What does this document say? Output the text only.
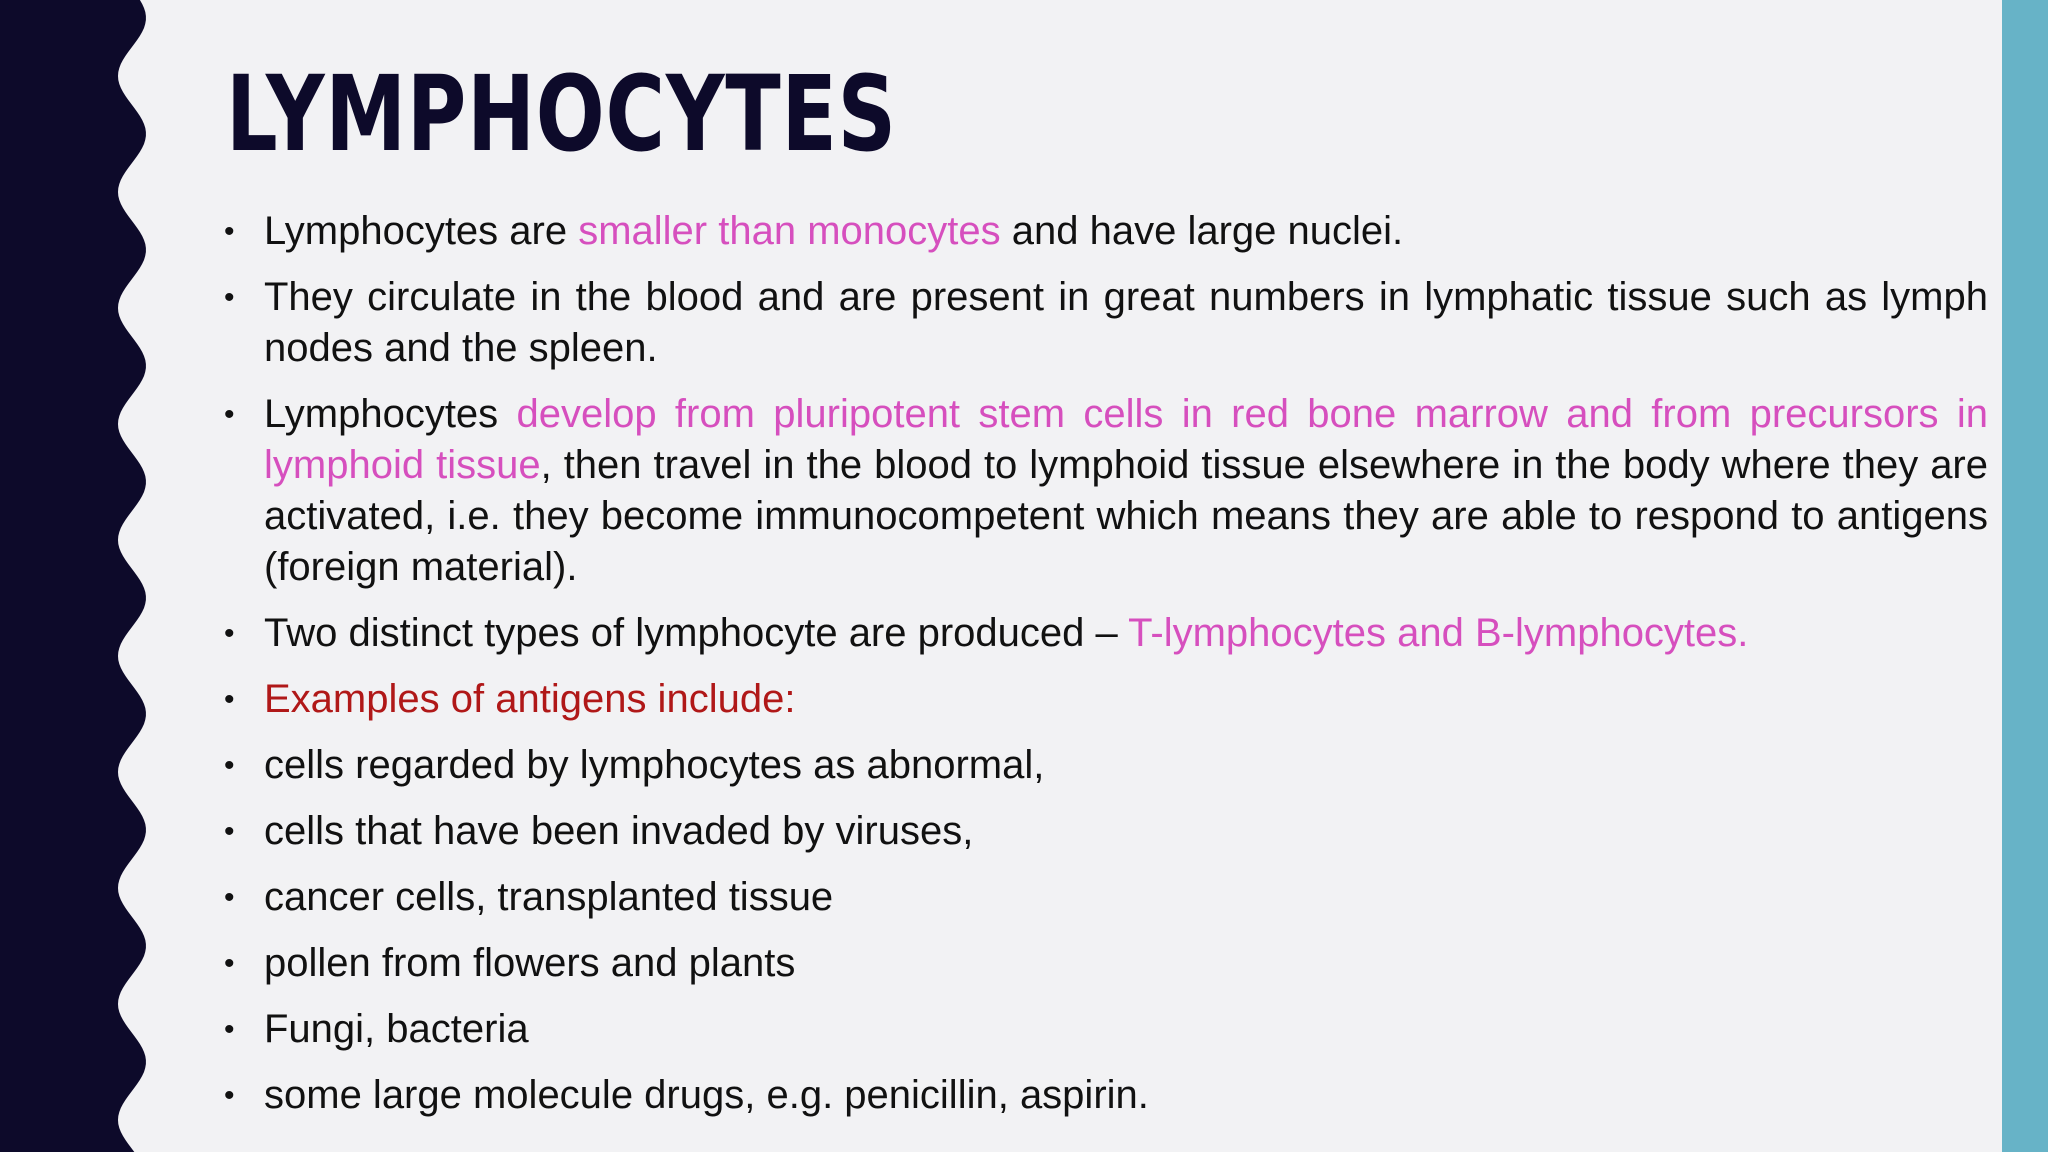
LYMPHOCYTES
• Lymphocytes are smaller than monocytes and have large nuclei.
• They circulate in the blood and are present in great numbers in lymphatic tissue such as lymph nodes and the spleen.
• Lymphocytes develop from pluripotent stem cells in red bone marrow and from precursors in lymphoid tissue, then travel in the blood to lymphoid tissue elsewhere in the body where they are activated, i.e. they become immunocompetent which means they are able to respond to antigens (foreign material).
• Two distinct types of lymphocyte are produced – T-lymphocytes and B-lymphocytes.
• Examples of antigens include:
• cells regarded by lymphocytes as abnormal,
• cells that have been invaded by viruses,
• cancer cells, transplanted tissue
• pollen from flowers and plants
• Fungi, bacteria
• some large molecule drugs, e.g. penicillin, aspirin.
